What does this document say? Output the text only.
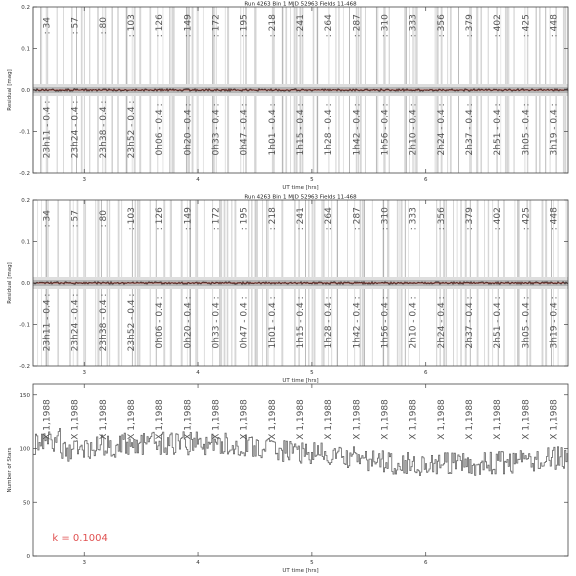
Run 4263 Bin 1 MJD 52963 Fields 11-468
: 34
23h11 - 0.4 :
: 57
23h24 - 0.4 :
: 80
23h38 - 0.4 :
: 103
23h52 - 0.4 :
: 126
0h06 - 0.4 :
: 149
0h20 - 0.4 :
: 172
0h33 - 0.4 :
: 195
0h47 - 0.4 :
: 218
1h01 - 0.4 :
: 241
1h15 - 0.4 :
: 264
1h28 - 0.4 :
: 287
1h42 - 0.4 :
: 310
1h56 - 0.4 :
: 333
2h10 - 0.4 :
: 356
2h24 - 0.4 :
: 379
2h37 - 0.4 :
: 402
2h51 - 0.4 :
: 425
3h05 - 0.4 :
: 448
3h19 - 0.4 :
-0.2
-0.1
0.0
0.1
0.2
3	4	5	6
UT time [hrs]
Residual [mag]
Run 4263 Bin 1 MJD 52963 Fields 11-468
: 34
23h11 - 0.4 :
: 57
23h24 - 0.4 :
: 80
23h38 - 0.4 :
: 103
23h52 - 0.4 :
: 126
0h06 - 0.4 :
: 149
0h20 - 0.4 :
: 172
0h33 - 0.4 :
: 195
0h47 - 0.4 :
: 218
1h01 - 0.4 :
: 241
1h15 - 0.4 :
: 264
1h28 - 0.4 :
: 287
1h42 - 0.4 :
: 310
1h56 - 0.4 :
: 333
2h10 - 0.4 :
: 356
2h24 - 0.4 :
: 379
2h37 - 0.4 :
: 402
2h51 - 0.4 :
: 425
3h05 - 0.4 :
: 448
3h19 - 0.4 :
-0.2
-0.1
0.0
0.1
0.2
3	4	5	6
UT time [hrs]
Residual [mag]
X 1,1988 X 1,1988 X 1,1988 X 1,1988 X 1,1988 X 1,1988 X 1,1988 X 1,1988 X 1,1988 X 1,1988 X 1,1988 X 1,1988 X 1,1988 X 1,1988 X 1,1988 X 1,1988 X 1,1988 X 1,1988 X 1,1988
k = 0.1004
0
50
100
150
3	4	5	6
UT time [hrs]
Number of Stars
